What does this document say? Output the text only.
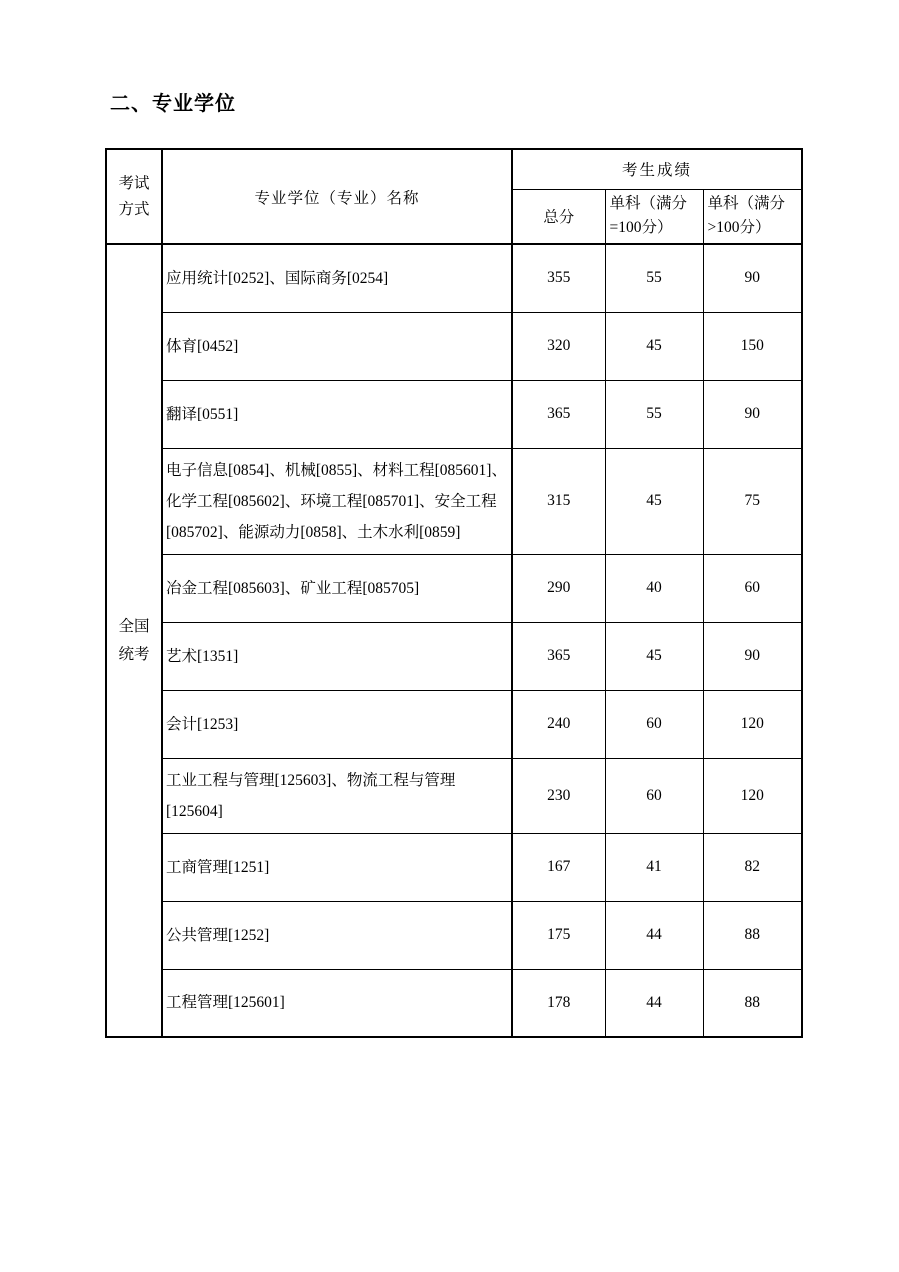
二、专业学位
考试方式	专业学位（专业）名称	考生成绩		
		总分	单科（满分=100分）	单科（满分>100分）
全国统考	应用统计[0252]、国际商务[0254]	355	55	90
	体育[0452]	320	45	150
	翻译[0551]	365	55	90
	电子信息[0854]、机械[0855]、材料工程[085601]、化学工程[085602]、环境工程[085701]、安全工程[085702]、能源动力[0858]、土木水利[0859]	315	45	75
	冶金工程[085603]、矿业工程[085705]	290	40	60
	艺术[1351]	365	45	90
	会计[1253]	240	60	120
	工业工程与管理[125603]、物流工程与管理[125604]	230	60	120
	工商管理[1251]	167	41	82
	公共管理[1252]	175	44	88
	工程管理[125601]	178	44	88
